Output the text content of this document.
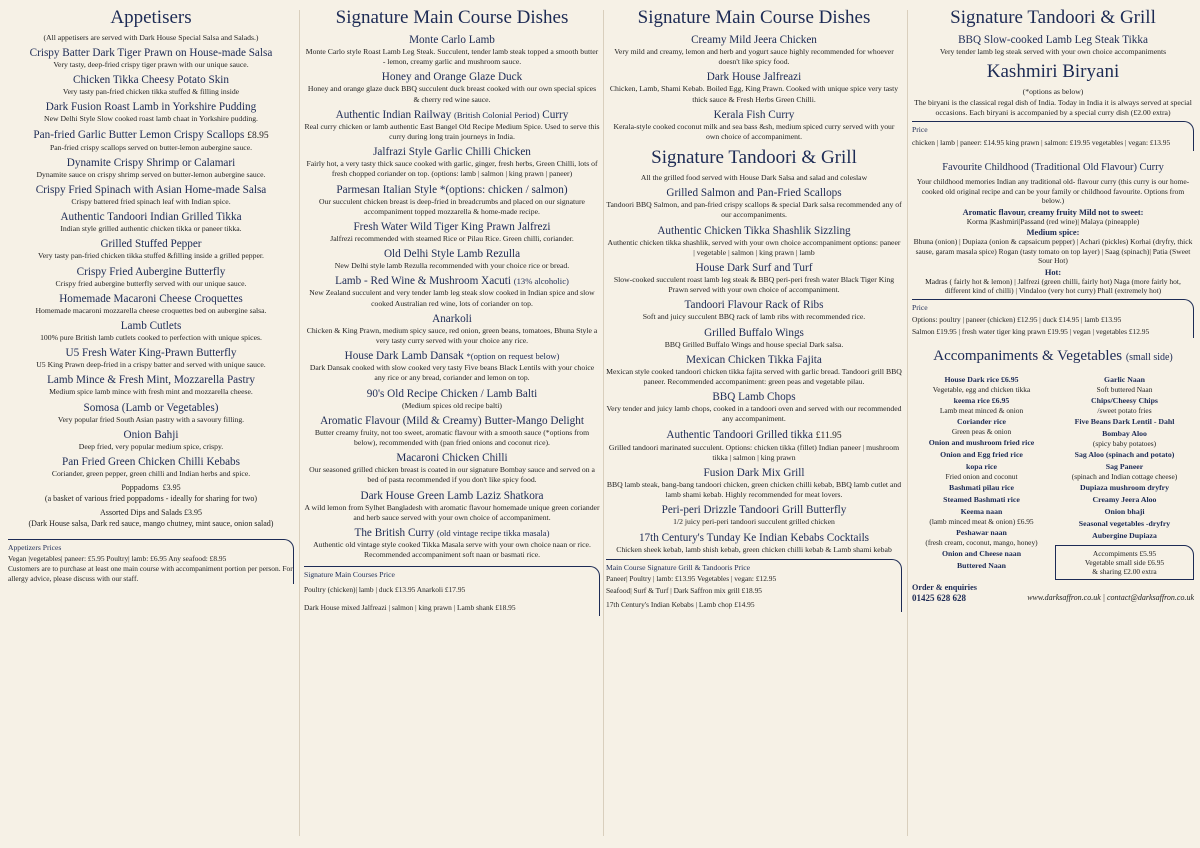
Appetisers
(All appetisers are served with Dark House Special Salsa and Salads.)
Crispy Batter Dark Tiger Prawn on House-made Salsa
Very tasty, deep-fried crispy tiger prawn with our unique sauce.
Chicken Tikka Cheesy Potato Skin
Very tasty pan-fried chicken tikka stuffed & filling inside
Dark Fusion Roast Lamb in Yorkshire Pudding
New Delhi Style Slow cooked roast lamb chaat in Yorkshire pudding.
Pan-fried Garlic Butter Lemon Crispy Scallops £8.95
Pan-fried crispy scallops served on butter-lemon aubergine sauce.
Dynamite Crispy Shrimp or Calamari
Dynamite sauce on crispy shrimp served on butter-lemon aubergine sauce.
Crispy Fried Spinach with Asian Home-made Salsa
Crispy battered fried spinach leaf with Indian spice.
Authentic Tandoori Indian Grilled Tikka
Indian style grilled authentic chicken tikka or paneer tikka.
Grilled Stuffed Pepper
Very tasty pan-fried chicken tikka stuffed &filling inside a grilled pepper.
Crispy Fried Aubergine Butterfly
Crispy fried aubergine butterfly served with our unique sauce.
Homemade Macaroni Cheese Croquettes
Homemade macaroni mozzarella cheese croquettes bed on aubergine salsa.
Lamb Cutlets
100% pure British lamb cutlets cooked to perfection with unique spices.
U5 Fresh Water King-Prawn Butterfly
U5 King Prawn deep-fried in a crispy batter and served with unique sauce.
Lamb Mince & Fresh Mint, Mozzarella Pastry
Medium spice lamb mince with fresh mint and mozzarella cheese.
Somosa (Lamb or Vegetables)
Very popular fried South Asian pastry with a savoury filling.
Onion Bahji
Deep fried, very popular medium spice, crispy.
Pan Fried Green Chicken Chilli Kebabs
Coriander, green pepper, green chilli and Indian herbs and spice.
Poppadoms £3.95
(a basket of various fried poppadoms - ideally for sharing for two)
Assorted Dips and Salads £3.95
(Dark House salsa, Dark red sauce, mango chutney, mint sauce, onion salad)
Appetizers Prices
Vegan |vegetables| paneer: £5.95 Poultry| lamb: £6.95 Any seafood: £8.95
Customers are to purchase at least one main course with accompaniment portion per person. For allergy advice, please discuss with our staff.
Signature Main Course Dishes
Monte Carlo Lamb
Monte Carlo style Roast Lamb Leg Steak. Succulent, tender lamb steak topped a smooth butter - lemon, creamy garlic and mushroom sauce.
Honey and Orange Glaze Duck
Honey and orange glaze duck BBQ succulent duck breast cooked with our own special spices & cherry red wine sauce.
Authentic Indian Railway (British Colonial Period) Curry
Real curry chicken or lamb authentic East Bangel Old Recipe Medium Spice. Used to serve this curry during long train journeys in India.
Jalfrazi Style Garlic Chilli Chicken
Fairly hot, a very tasty thick sauce cooked with garlic, ginger, fresh herbs, Green Chilli, lots of fresh chopped coriander on top. (options: lamb | salmon | king prawn | paneer)
Parmesan Italian Style *(options: chicken / salmon)
Our succulent chicken breast is deep-fried in breadcrumbs and placed on our signature accompaniment topped mozzarella & home-made recipe.
Fresh Water Wild Tiger King Prawn Jalfrezi
Jalfrezi recommended with steamed Rice or Pilau Rice. Green chilli, coriander.
Old Delhi Style Lamb Rezulla
New Delhi style lamb Rezulla recommended with your choice rice or bread.
Lamb - Red Wine & Mushroom Xacuti (13% alcoholic)
New Zealand succulent and very tender lamb leg steak slow cooked in Indian spice and slow cooked Australian red wine, lots of coriander on top.
Anarkoli
Chicken & King Prawn, medium spicy sauce, red onion, green beans, tomatoes, Bhuna Style a very tasty curry served with your choice any rice.
House Dark Lamb Dansak *(option on request below)
Dark Dansak cooked with slow cooked very tasty Five beans Black Lentils with your choice any rice or any bread, coriander and lemon on top.
90's Old Recipe Chicken / Lamb Balti
(Medium spices old recipe balti)
Aromatic Flavour (Mild & Creamy) Butter-Mango Delight
Butter creamy fruity, not too sweet, aromatic flavour with a smooth sauce (*options from below), recommended with (pan fried onions and coconut rice).
Macaroni Chicken Chilli
Our seasoned grilled chicken breast is coated in our signature Bombay sauce and served on a bed of pasta recommended if you don't like spicy food.
Dark House Green Lamb Laziz Shatkora
A wild lemon from Sylhet Bangladesh with aromatic flavour homemade unique green coriander and herb sauce served with your own choice of accompaniment.
The British Curry (old vintage recipe tikka masala)
Authentic old vintage style cooked Tikka Masala serve with your own choice naan or rice. Recommended accompaniment soft naan or basmati rice.
Signature Main Courses Price
Poultry (chicken)| lamb | duck £13.95 Anarkoli £17.95
Dark House mixed Jalfreazi | salmon | king prawn | Lamb shank £18.95
Signature Main Course Dishes
Creamy Mild Jeera Chicken
Very mild and creamy, lemon and herb and yogurt sauce highly recommended for whoever doesn't like spicy food.
Dark House Jalfreazi
Chicken, Lamb, Shami Kebab. Boiled Egg, King Prawn. Cooked with unique spice very tasty thick sauce & Fresh Herbs Green Chilli.
Kerala Fish Curry
Kerala-style cooked coconut milk and sea bass &sh, medium spiced curry served with your own choice of accompaniment.
Signature Tandoori & Grill
All the grilled food served with House Dark Salsa and salad and coleslaw
Grilled Salmon and Pan-Fried Scallops
Tandoori BBQ Salmon, and pan-fried crispy scallops & special Dark salsa recommended any of our accompaniments.
Authentic Chicken Tikka Shashlik Sizzling
Authentic chicken tikka shashlik, served with your own choice accompaniment options: paneer | vegetable | salmon | king prawn | lamb
House Dark Surf and Turf
Slow-cooked succulent roast lamb leg steak & BBQ peri-peri fresh water Black Tiger King Prawn served with your own choice of accompaniment.
Tandoori Flavour Rack of Ribs
Soft and juicy succulent BBQ rack of lamb ribs with recommended rice.
Grilled Buffalo Wings
BBQ Grilled Buffalo Wings and house special Dark salsa.
Mexican Chicken Tikka Fajita
Mexican style cooked tandoori chicken tikka fajita served with garlic bread. Tandoori grill BBQ paneer. Recommended accompaniment: green peas and vegetable pilau.
BBQ Lamb Chops
Very tender and juicy lamb chops, cooked in a tandoori oven and served with our recommended any accompaniment.
Authentic Tandoori Grilled tikka £11.95
Grilled tandoori marinated succulent. Options: chicken tikka (fillet) Indian paneer | mushroom tikka | salmon | king prawn
Fusion Dark Mix Grill
BBQ lamb steak, bang-bang tandoori chicken, green chicken chilli kebab, BBQ lamb cutlet and lamb shami kebab. Highly recommended for meat lovers.
Peri-peri Drizzle Tandoori Grill Butterfly
1/2 juicy peri-peri tandoori succulent grilled chicken
17th Century's Tunday Ke Indian Kebabs Cocktails
Chicken sheek kebab, lamb shish kebab, green chicken chilli kebab & Lamb shami kebab
Main Course Signature Grill & Tandooris Price
Paneer| Poultry | lamb: £13.95 Vegetables | vegan: £12.95
Seafood| Surf & Turf | Dark Saffron mix grill £18.95
17th Century's Indian Kebabs | Lamb chop £14.95
Signature Tandoori & Grill
BBQ Slow-cooked Lamb Leg Steak Tikka
Very tender lamb leg steak served with your own choice accompaniments
Kashmiri Biryani
(*options as below)
The biryani is the classical regal dish of India. Today in India it is always served at special occasions. Each biryani is accompanied by a special curry dish (£2.00 extra)
Price
chicken | lamb | paneer: £14.95 king prawn | salmon: £19.95 vegetables | vegan: £13.95
Favourite Childhood (Traditional Old Flavour) Curry
Your childhood memories Indian any traditional old- flavour curry (this curry is our home-cooked old original recipe and can be your family or childhood favourite. Options from below.)
Aromatic flavour, creamy fruity Mild not to sweet:
Korma |Kashmiri|Passand (red wine)| Malaya (pineapple)
Medium spice:
Bhuna (onion) | Dupiaza (onion & capsaicum pepper) | Achari (pickles) Korhai (dryfry, thick sause, garam masala spice) Rogan (tasty tomato on top layer) | Saag (spinach)| Patia (Sweet Sour Hot)
Hot:
Madras ( fairly hot & lemon) | Jalfrezi (green chilli, fairly hot) Naga (more fairly hot, different kind of chilli) | Vindaloo (very hot curry) Phall (extremely hot)
Price
Options: poultry | paneer (chicken) £12.95 | duck £14.95 | lamb £13.95
Salmon £19.95 | fresh water tiger king prawn £19.95 | vegan | vegetables £12.95
Accompaniments & Vegetables (small side)
House Dark rice £6.95
Vegetable, egg and chicken tikka
keema rice £6.95
Lamb meat minced & onion
Coriander rice
Green peas & onion
Onion and mushroom fried rice
Onion and Egg fried rice
kopa rice
Fried onion and coconut
Bashmati pilau rice
Steamed Bashmati rice
Keema naan
(lamb minced meat & onion) £6.95
Peshawar naan
(fresh cream, coconut, mango, honey)
Onion and Cheese naan
Buttered Naan
Garlic Naan
Soft buttered Naan
Chips/Cheesy Chips
/sweet potato fries
Five Beans Dark Lentil - Dahl
Bombay Aloo
(spicy baby potatoes)
Sag Aloo (spinach and potato)
Sag Paneer
(spinach and Indian cottage cheese)
Dupiaza mushroom dryfry
Creamy Jeera Aloo
Onion bhaji
Seasonal vegetables -dryfry
Aubergine Dupiaza
Accompiments £5.95
Vegetable small side £6.95
& sharing £2.00 extra
Order & enquiries
01425 628 628	www.darksaffron.co.uk | contact@darksaffron.co.uk
